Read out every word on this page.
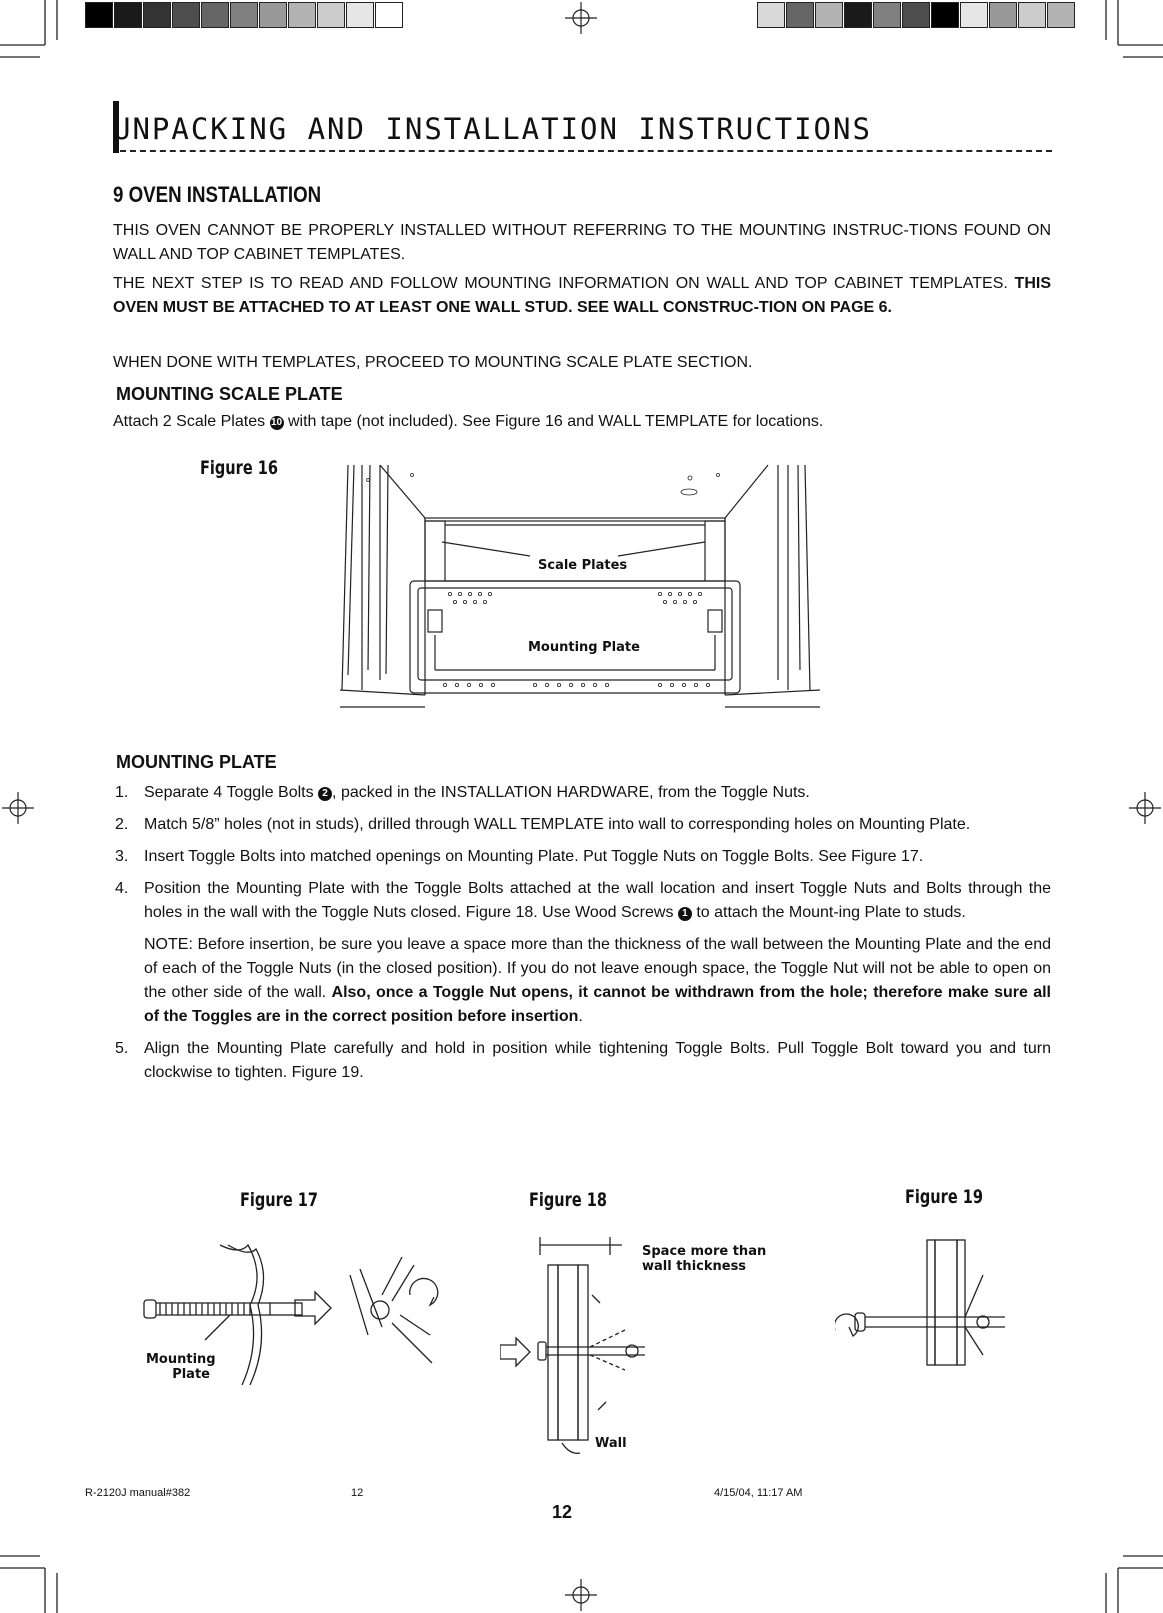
UNPACKING AND INSTALLATION INSTRUCTIONS
9 OVEN INSTALLATION
THIS OVEN CANNOT BE PROPERLY INSTALLED WITHOUT REFERRING TO THE MOUNTING INSTRUC-TIONS FOUND ON WALL AND TOP CABINET TEMPLATES.
THE NEXT STEP IS TO READ AND FOLLOW MOUNTING INFORMATION ON WALL AND TOP CABINET TEMPLATES. THIS OVEN MUST BE ATTACHED TO AT LEAST ONE WALL STUD. SEE WALL CONSTRUC-TION ON PAGE 6.
WHEN DONE WITH TEMPLATES, PROCEED TO MOUNTING SCALE PLATE SECTION.
MOUNTING SCALE PLATE
Attach 2 Scale Plates 10 with tape (not included). See Figure 16 and WALL TEMPLATE for locations.
Figure 16
Scale Plates
Mounting Plate
MOUNTING PLATE
1. Separate 4 Toggle Bolts 2 , packed in the INSTALLATION HARDWARE, from the Toggle Nuts.
2. Match 5/8” holes (not in studs), drilled through WALL TEMPLATE into wall to corresponding holes on Mounting Plate.
3. Insert Toggle Bolts into matched openings on Mounting Plate. Put Toggle Nuts on Toggle Bolts. See Figure 17.
4. Position the Mounting Plate with the Toggle Bolts attached at the wall location and insert Toggle Nuts and Bolts through the holes in the wall with the Toggle Nuts closed. Figure 18. Use Wood Screws 1 to attach the Mount-ing Plate to studs.
NOTE: Before insertion, be sure you leave a space more than the thickness of the wall between the Mounting Plate and the end of each of the Toggle Nuts (in the closed position). If you do not leave enough space, the Toggle Nut will not be able to open on the other side of the wall. Also, once a Toggle Nut opens, it cannot be withdrawn from the hole; therefore make sure all of the Toggles are in the correct position before insertion.
5. Align the Mounting Plate carefully and hold in position while tightening Toggle Bolts. Pull Toggle Bolt toward you and turn clockwise to tighten. Figure 19.
Figure 17	Figure 18	Figure 19
Mounting
Plate
Space more than
wall thickness
Wall
12
R-2120J manual#382	12	4/15/04, 11:17 AM
